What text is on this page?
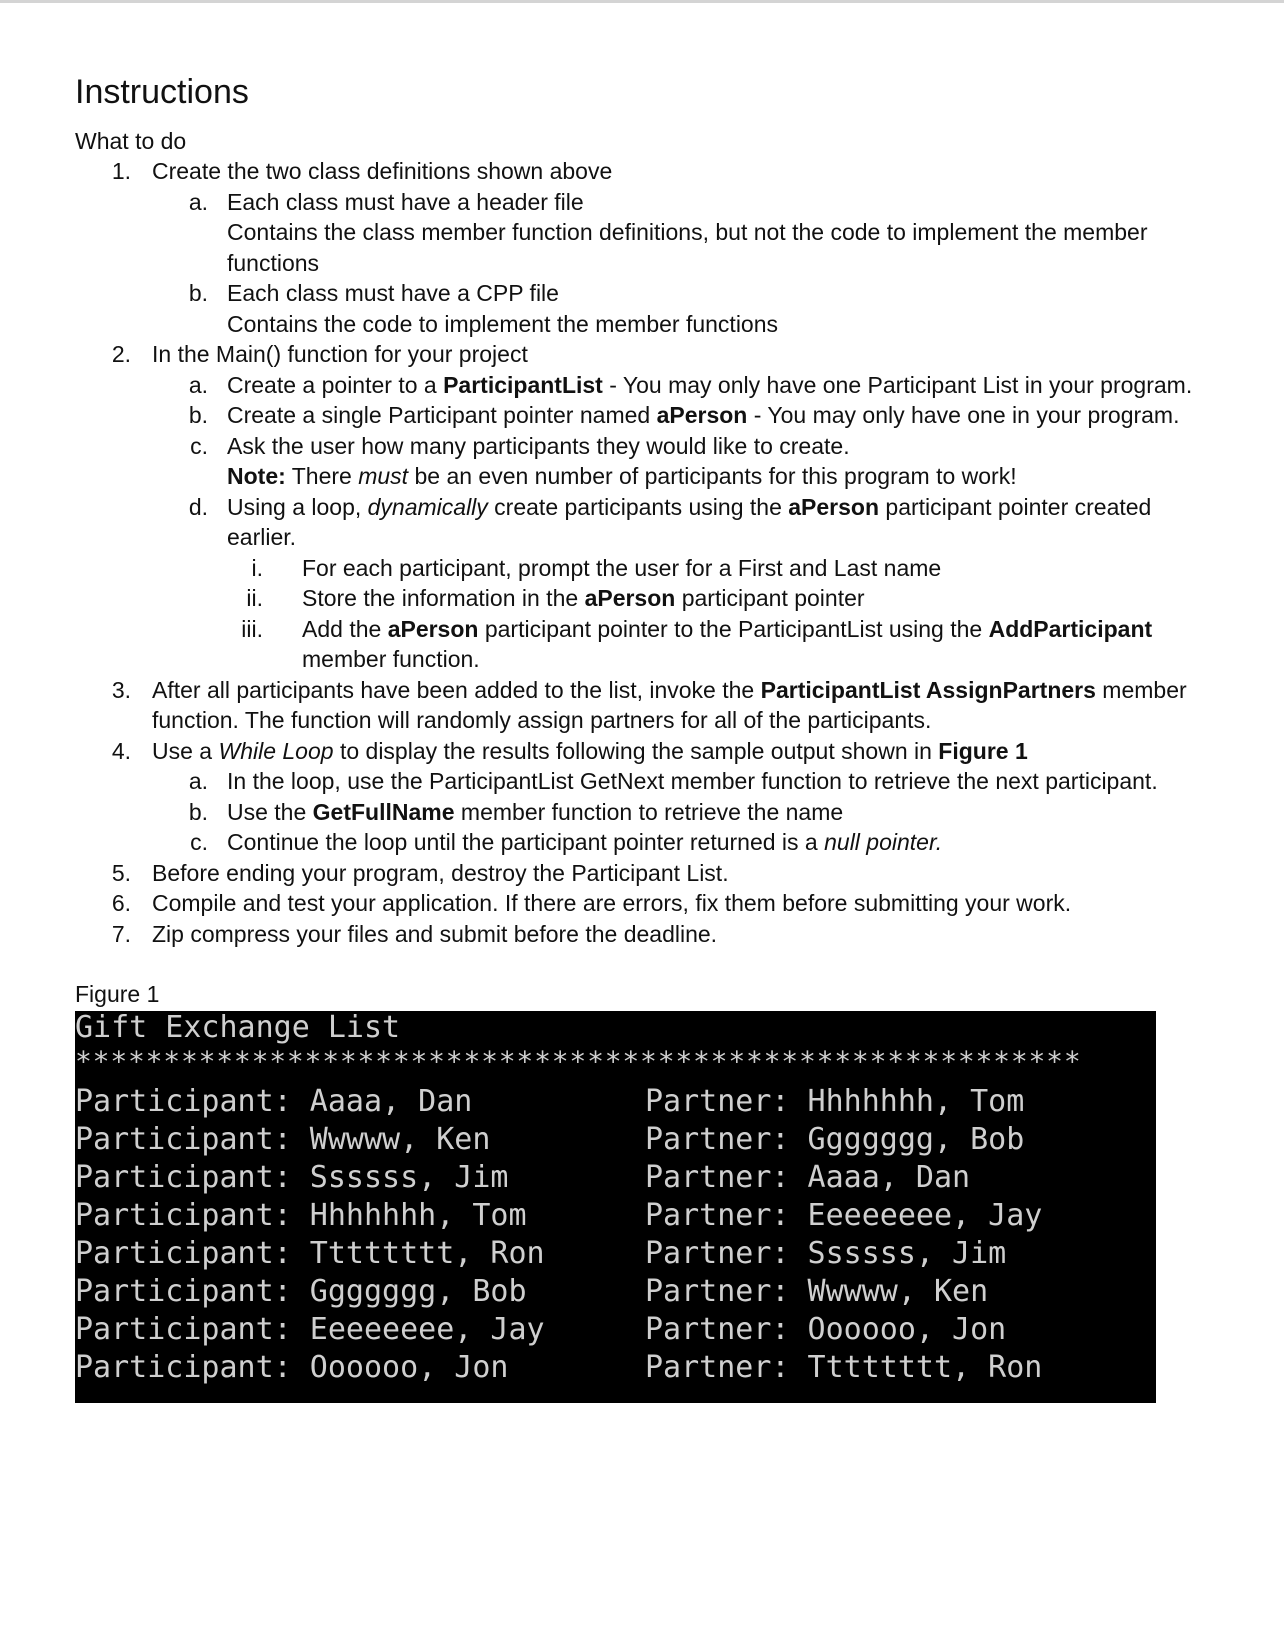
Instructions
What to do
1. Create the two class definitions shown above
a. Each class must have a header file
Contains the class member function definitions, but not the code to implement the member functions
b. Each class must have a CPP file
Contains the code to implement the member functions
2. In the Main() function for your project
a. Create a pointer to a ParticipantList - You may only have one Participant List in your program.
b. Create a single Participant pointer named aPerson - You may only have one in your program.
c. Ask the user how many participants they would like to create.
Note: There must be an even number of participants for this program to work!
d. Using a loop, dynamically create participants using the aPerson participant pointer created earlier.
i. For each participant, prompt the user for a First and Last name
ii. Store the information in the aPerson participant pointer
iii. Add the aPerson participant pointer to the ParticipantList using the AddParticipant member function.
3. After all participants have been added to the list, invoke the ParticipantList AssignPartners member function. The function will randomly assign partners for all of the participants.
4. Use a While Loop to display the results following the sample output shown in Figure 1
a. In the loop, use the ParticipantList GetNext member function to retrieve the next participant.
b. Use the GetFullName member function to retrieve the name
c. Continue the loop until the participant pointer returned is a null pointer.
5. Before ending your program, destroy the Participant List.
6. Compile and test your application. If there are errors, fix them before submitting your work.
7. Zip compress your files and submit before the deadline.
Figure 1
Gift Exchange List
*********************************************************
Participant: Aaaa, Dan	Partner: Hhhhhhh, Tom
Participant: Wwwww, Ken	Partner: Ggggggg, Bob
Participant: Ssssss, Jim	Partner: Aaaa, Dan
Participant: Hhhhhhh, Tom	Partner: Eeeeeeee, Jay
Participant: Tttttttt, Ron	Partner: Ssssss, Jim
Participant: Ggggggg, Bob	Partner: Wwwww, Ken
Participant: Eeeeeeee, Jay	Partner: Oooooo, Jon
Participant: Oooooo, Jon	Partner: Tttttttt, Ron
